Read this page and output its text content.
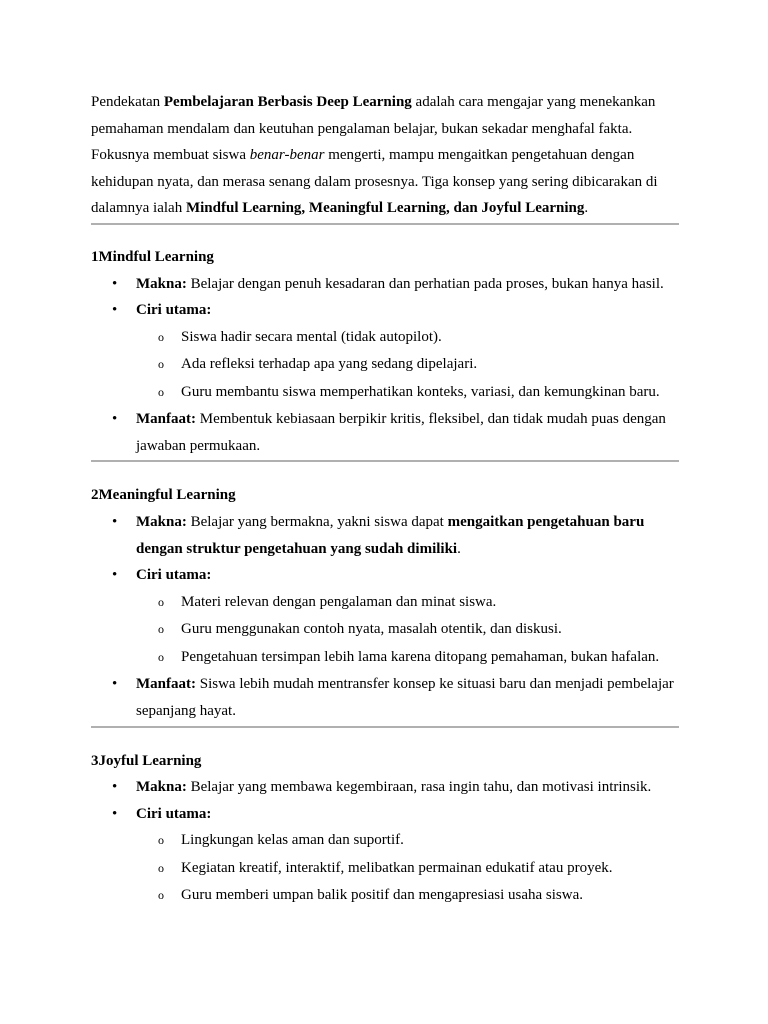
Pendekatan Pembelajaran Berbasis Deep Learning adalah cara mengajar yang menekankan pemahaman mendalam dan keutuhan pengalaman belajar, bukan sekadar menghafal fakta. Fokusnya membuat siswa benar-benar mengerti, mampu mengaitkan pengetahuan dengan kehidupan nyata, dan merasa senang dalam prosesnya. Tiga konsep yang sering dibicarakan di dalamnya ialah Mindful Learning, Meaningful Learning, dan Joyful Learning.

1Mindful Learning
• Makna: Belajar dengan penuh kesadaran dan perhatian pada proses, bukan hanya hasil.
• Ciri utama:
o Siswa hadir secara mental (tidak autopilot).
o Ada refleksi terhadap apa yang sedang dipelajari.
o Guru membantu siswa memperhatikan konteks, variasi, dan kemungkinan baru.
• Manfaat: Membentuk kebiasaan berpikir kritis, fleksibel, dan tidak mudah puas dengan jawaban permukaan.
2Meaningful Learning
• Makna: Belajar yang bermakna, yakni siswa dapat mengaitkan pengetahuan baru dengan struktur pengetahuan yang sudah dimiliki.
• Ciri utama:
o Materi relevan dengan pengalaman dan minat siswa.
o Guru menggunakan contoh nyata, masalah otentik, dan diskusi.
o Pengetahuan tersimpan lebih lama karena ditopang pemahaman, bukan hafalan.
• Manfaat: Siswa lebih mudah mentransfer konsep ke situasi baru dan menjadi pembelajar sepanjang hayat.
3Joyful Learning
• Makna: Belajar yang membawa kegembiraan, rasa ingin tahu, dan motivasi intrinsik.
• Ciri utama:
o Lingkungan kelas aman dan suportif.
o Kegiatan kreatif, interaktif, melibatkan permainan edukatif atau proyek.
o Guru memberi umpan balik positif dan mengapresiasi usaha siswa.
